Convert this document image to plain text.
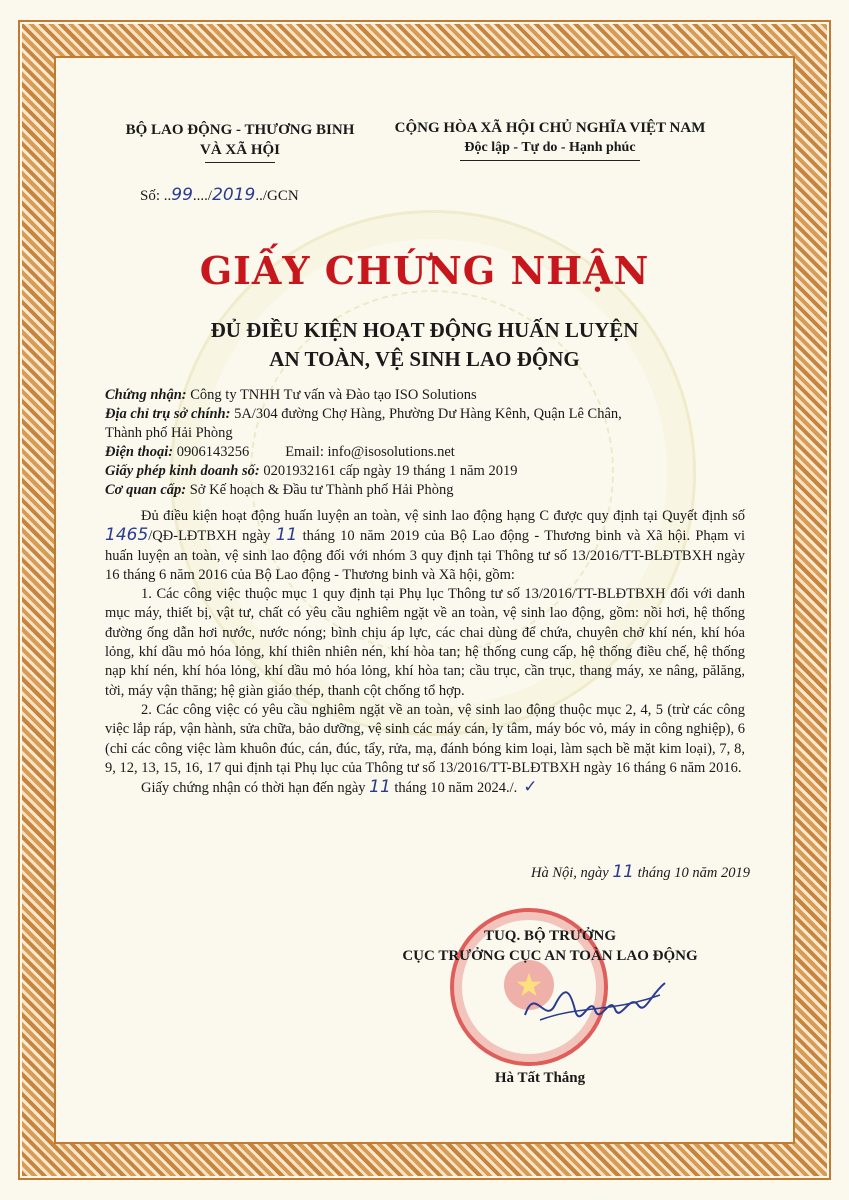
BỘ LAO ĐỘNG - THƯƠNG BINH
VÀ XÃ HỘI
CỘNG HÒA XÃ HỘI CHỦ NGHĨA VIỆT NAM
Độc lập - Tự do - Hạnh phúc
Số: ..99..../2019../GCN
GIẤY CHỨNG NHẬN
ĐỦ ĐIỀU KIỆN HOẠT ĐỘNG HUẤN LUYỆN
AN TOÀN, VỆ SINH LAO ĐỘNG
Chứng nhận: Công ty TNHH Tư vấn và Đào tạo ISO Solutions
Địa chỉ trụ sở chính: 5A/304 đường Chợ Hàng, Phường Dư Hàng Kênh, Quận Lê Chân,
Thành phố Hải Phòng
Điện thoại: 0906143256 Email: info@isosolutions.net
Giấy phép kinh doanh số: 0201932161 cấp ngày 19 tháng 1 năm 2019
Cơ quan cấp: Sở Kế hoạch & Đầu tư Thành phố Hải Phòng

Đủ điều kiện hoạt động huấn luyện an toàn, vệ sinh lao động hạng C được quy định tại Quyết định số 1465/QĐ-LĐTBXH ngày 11 tháng 10 năm 2019 của Bộ Lao động - Thương binh và Xã hội. Phạm vi huấn luyện an toàn, vệ sinh lao động đối với nhóm 3 quy định tại Thông tư số 13/2016/TT-BLĐTBXH ngày 16 tháng 6 năm 2016 của Bộ Lao động - Thương binh và Xã hội, gồm:

1. Các công việc thuộc mục 1 quy định tại Phụ lục Thông tư số 13/2016/TT-BLĐTBXH đối với danh mục máy, thiết bị, vật tư, chất có yêu cầu nghiêm ngặt về an toàn, vệ sinh lao động, gồm: nồi hơi, hệ thống đường ống dẫn hơi nước, nước nóng; bình chịu áp lực, các chai dùng để chứa, chuyên chở khí nén, khí hóa lỏng, khí dầu mỏ hóa lỏng, khí thiên nhiên nén, khí hòa tan; hệ thống cung cấp, hệ thống điều chế, hệ thống nạp khí nén, khí hóa lỏng, khí dầu mỏ hóa lỏng, khí hòa tan; cầu trục, cần trục, thang máy, xe nâng, pălăng, tời, máy vận thăng; hệ giàn giáo thép, thanh cột chống tổ hợp.

2. Các công việc có yêu cầu nghiêm ngặt về an toàn, vệ sinh lao động thuộc mục 2, 4, 5 (trừ các công việc lắp ráp, vận hành, sửa chữa, bảo dưỡng, vệ sinh các máy cán, ly tâm, máy bóc vỏ, máy in công nghiệp), 6 (chỉ các công việc làm khuôn đúc, cán, đúc, tẩy, rửa, mạ, đánh bóng kim loại, làm sạch bề mặt kim loại), 7, 8, 9, 12, 13, 15, 16, 17 qui định tại Phụ lục của Thông tư số 13/2016/TT-BLĐTBXH ngày 16 tháng 6 năm 2016.

Giấy chứng nhận có thời hạn đến ngày 11 tháng 10 năm 2024./. ✓

Hà Nội, ngày 11 tháng 10 năm 2019
★
TUQ. BỘ TRƯỞNG
CỤC TRƯỞNG CỤC AN TOÀN LAO ĐỘNG
Hà Tất Thắng
